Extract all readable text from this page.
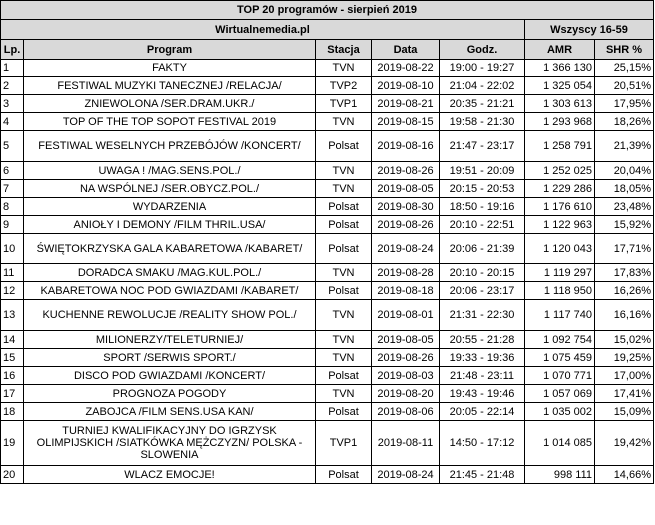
TOP 20 programów - sierpień 2019						
Wirtualnemedia.pl					Wszyscy 16-59	
Lp.	Program	Stacja	Data	Godz.	AMR	SHR %
1	FAKTY	TVN	2019-08-22	19:00 - 19:27	1 366 130	25,15%
2	FESTIWAL MUZYKI TANECZNEJ /RELACJA/	TVP2	2019-08-10	21:04 - 22:02	1 325 054	20,51%
3	ZNIEWOLONA /SER.DRAM.UKR./	TVP1	2019-08-21	20:35 - 21:21	1 303 613	17,95%
4	TOP OF THE TOP SOPOT FESTIVAL 2019	TVN	2019-08-15	19:58 - 21:30	1 293 968	18,26%
5	FESTIWAL WESELNYCH PRZEBÓJÓW /KONCERT/	Polsat	2019-08-16	21:47 - 23:17	1 258 791	21,39%
6	UWAGA ! /MAG.SENS.POL./	TVN	2019-08-26	19:51 - 20:09	1 252 025	20,04%
7	NA WSPÓLNEJ /SER.OBYCZ.POL./	TVN	2019-08-05	20:15 - 20:53	1 229 286	18,05%
8	WYDARZENIA	Polsat	2019-08-30	18:50 - 19:16	1 176 610	23,48%
9	ANIOŁY I DEMONY /FILM THRIL.USA/	Polsat	2019-08-26	20:10 - 22:51	1 122 963	15,92%
10	ŚWIĘTOKRZYSKA GALA KABARETOWA /KABARET/	Polsat	2019-08-24	20:06 - 21:39	1 120 043	17,71%
11	DORADCA SMAKU /MAG.KUL.POL./	TVN	2019-08-28	20:10 - 20:15	1 119 297	17,83%
12	KABARETOWA NOC POD GWIAZDAMI /KABARET/	Polsat	2019-08-18	20:06 - 23:17	1 118 950	16,26%
13	KUCHENNE REWOLUCJE /REALITY SHOW POL./	TVN	2019-08-01	21:31 - 22:30	1 117 740	16,16%
14	MILIONERZY/TELETURNIEJ/	TVN	2019-08-05	20:55 - 21:28	1 092 754	15,02%
15	SPORT /SERWIS SPORT./	TVN	2019-08-26	19:33 - 19:36	1 075 459	19,25%
16	DISCO POD GWIAZDAMI /KONCERT/	Polsat	2019-08-03	21:48 - 23:11	1 070 771	17,00%
17	PROGNOZA POGODY	TVN	2019-08-20	19:43 - 19:46	1 057 069	17,41%
18	ZABOJCA /FILM SENS.USA KAN/	Polsat	2019-08-06	20:05 - 22:14	1 035 002	15,09%
19	TURNIEJ KWALIFIKACYJNY DO IGRZYSK OLIMPIJSKICH /SIATKÓWKA MĘŻCZYZN/ POLSKA - SLOWENIA	TVP1	2019-08-11	14:50 - 17:12	1 014 085	19,42%
20	WLACZ EMOCJE!	Polsat	2019-08-24	21:45 - 21:48	998 111	14,66%
